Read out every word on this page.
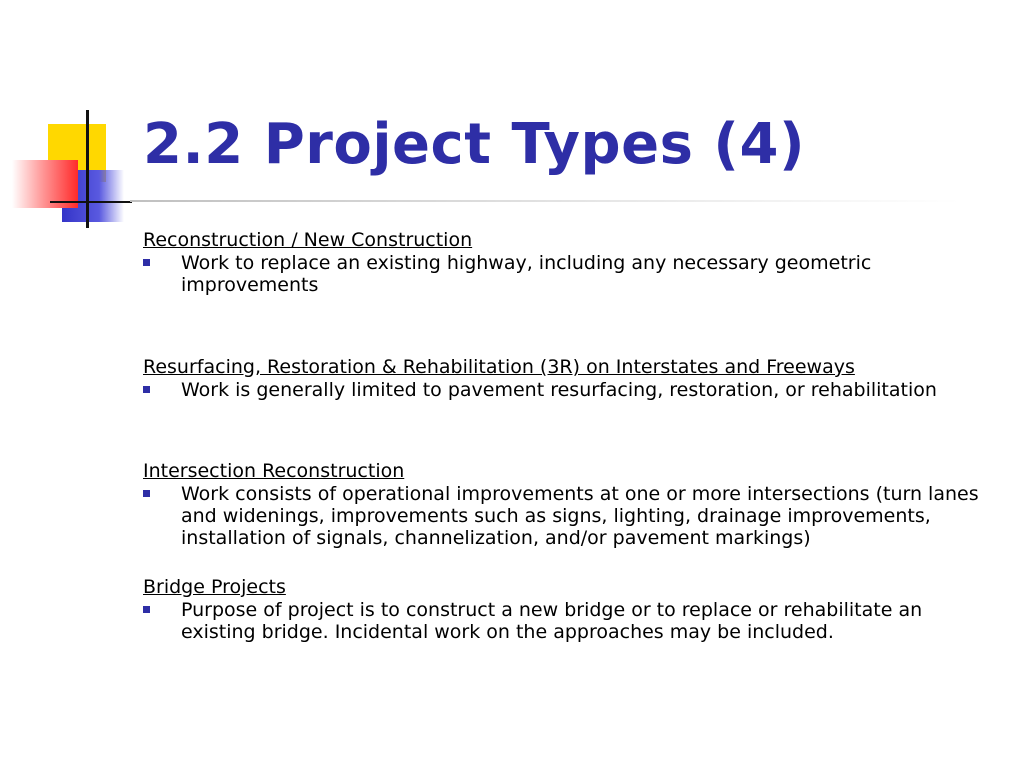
2.2 Project Types (4)

Reconstruction / New Construction

Work to replace an existing highway, including any necessary geometric improvements

Resurfacing, Restoration & Rehabilitation (3R) on Interstates and Freeways

Work is generally limited to pavement resurfacing, restoration, or rehabilitation

Intersection Reconstruction

Work consists of operational improvements at one or more intersections (turn lanes and widenings, improvements such as signs, lighting, drainage improvements, installation of signals, channelization, and/or pavement markings)

Bridge Projects

Purpose of project is to construct a new bridge or to replace or rehabilitate an existing bridge. Incidental work on the approaches may be included.
